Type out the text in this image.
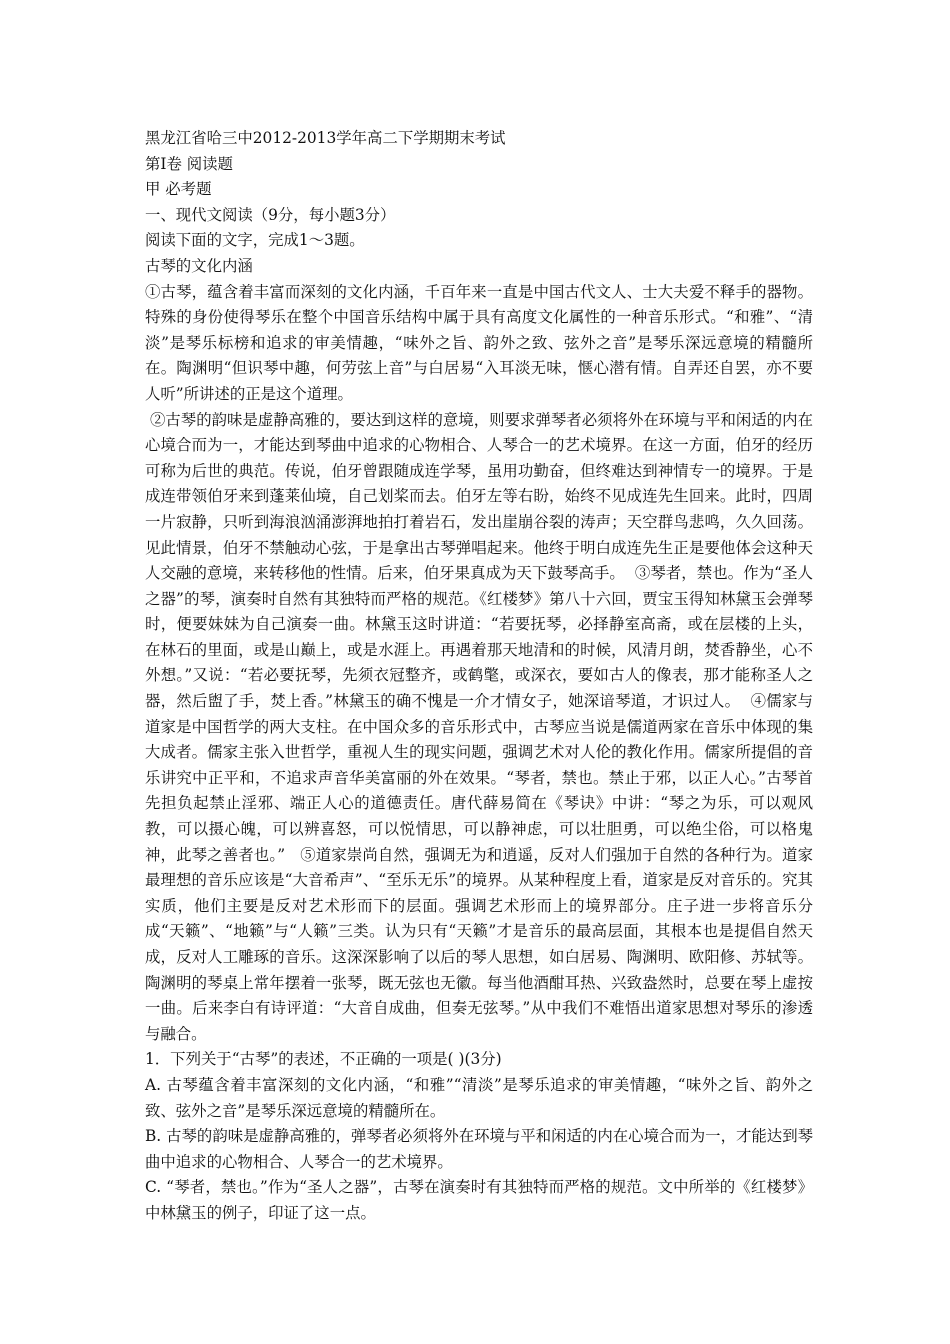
黑龙江省哈三中2012-2013学年高二下学期期末考试

第Ⅰ卷 阅读题

甲 必考题

一、现代文阅读（9分，每小题3分）

阅读下面的文字，完成1～3题。

古琴的文化内涵

①古琴，蕴含着丰富而深刻的文化内涵，千百年来一直是中国古代文人、士大夫爱不释手的器物。特殊的身份使得琴乐在整个中国音乐结构中属于具有高度文化属性的一种音乐形式。“和雅”、“清淡”是琴乐标榜和追求的审美情趣，“味外之旨、韵外之致、弦外之音”是琴乐深远意境的精髓所在。陶渊明“但识琴中趣，何劳弦上音”与白居易“入耳淡无味，惬心潜有情。自弄还自罢，亦不要人听”所讲述的正是这个道理。

②古琴的韵味是虚静高雅的，要达到这样的意境，则要求弹琴者必须将外在环境与平和闲适的内在心境合而为一，才能达到琴曲中追求的心物相合、人琴合一的艺术境界。在这一方面，伯牙的经历可称为后世的典范。传说，伯牙曾跟随成连学琴，虽用功勤奋，但终难达到神情专一的境界。于是成连带领伯牙来到蓬莱仙境，自己划桨而去。伯牙左等右盼，始终不见成连先生回来。此时，四周一片寂静，只听到海浪汹涌澎湃地拍打着岩石，发出崖崩谷裂的涛声；天空群鸟悲鸣，久久回荡。见此情景，伯牙不禁触动心弦，于是拿出古琴弹唱起来。他终于明白成连先生正是要他体会这种天人交融的意境，来转移他的性情。后来，伯牙果真成为天下鼓琴高手。  ③琴者，禁也。作为“圣人之器”的琴，演奏时自然有其独特而严格的规范。《红楼梦》第八十六回，贾宝玉得知林黛玉会弹琴时，便要妹妹为自己演奏一曲。林黛玉这时讲道：“若要抚琴，必择静室高斋，或在层楼的上头，在林石的里面，或是山巅上，或是水涯上。再遇着那天地清和的时候，风清月朗，焚香静坐，心不外想。”又说：“若必要抚琴，先须衣冠整齐，或鹤氅，或深衣，要如古人的像表，那才能称圣人之器，然后盥了手，焚上香。”林黛玉的确不愧是一介才情女子，她深谙琴道，才识过人。  ④儒家与道家是中国哲学的两大支柱。在中国众多的音乐形式中，古琴应当说是儒道两家在音乐中体现的集大成者。儒家主张入世哲学，重视人生的现实问题，强调艺术对人伦的教化作用。儒家所提倡的音乐讲究中正平和，不追求声音华美富丽的外在效果。“琴者，禁也。禁止于邪，以正人心。”古琴首先担负起禁止淫邪、端正人心的道德责任。唐代薛易简在《琴诀》中讲：“琴之为乐，可以观风教，可以摄心魄，可以辨喜怒，可以悦情思，可以静神虑，可以壮胆勇，可以绝尘俗，可以格鬼神，此琴之善者也。”   ⑤道家崇尚自然，强调无为和逍遥，反对人们强加于自然的各种行为。道家最理想的音乐应该是“大音希声”、“至乐无乐”的境界。从某种程度上看，道家是反对音乐的。究其实质，他们主要是反对艺术形而下的层面。强调艺术形而上的境界部分。庄子进一步将音乐分成“天籁”、“地籁”与“人籁”三类。认为只有“天籁”才是音乐的最高层面，其根本也是提倡自然天成，反对人工雕琢的音乐。这深深影响了以后的琴人思想，如白居易、陶渊明、欧阳修、苏轼等。陶渊明的琴桌上常年摆着一张琴，既无弦也无徽。每当他酒酣耳热、兴致盎然时，总要在琴上虚按一曲。后来李白有诗评道：“大音自成曲，但奏无弦琴。”从中我们不难悟出道家思想对琴乐的渗透与融合。

1．下列关于“古琴”的表述，不正确的一项是( )(3分)

A. 古琴蕴含着丰富深刻的文化内涵，“和雅”“清淡”是琴乐追求的审美情趣，“味外之旨、韵外之致、弦外之音”是琴乐深远意境的精髓所在。

B. 古琴的韵味是虚静高雅的，弹琴者必须将外在环境与平和闲适的内在心境合而为一，才能达到琴曲中追求的心物相合、人琴合一的艺术境界。

C. “琴者，禁也。”作为“圣人之器”，古琴在演奏时有其独特而严格的规范。文中所举的《红楼梦》中林黛玉的例子，印证了这一点。
